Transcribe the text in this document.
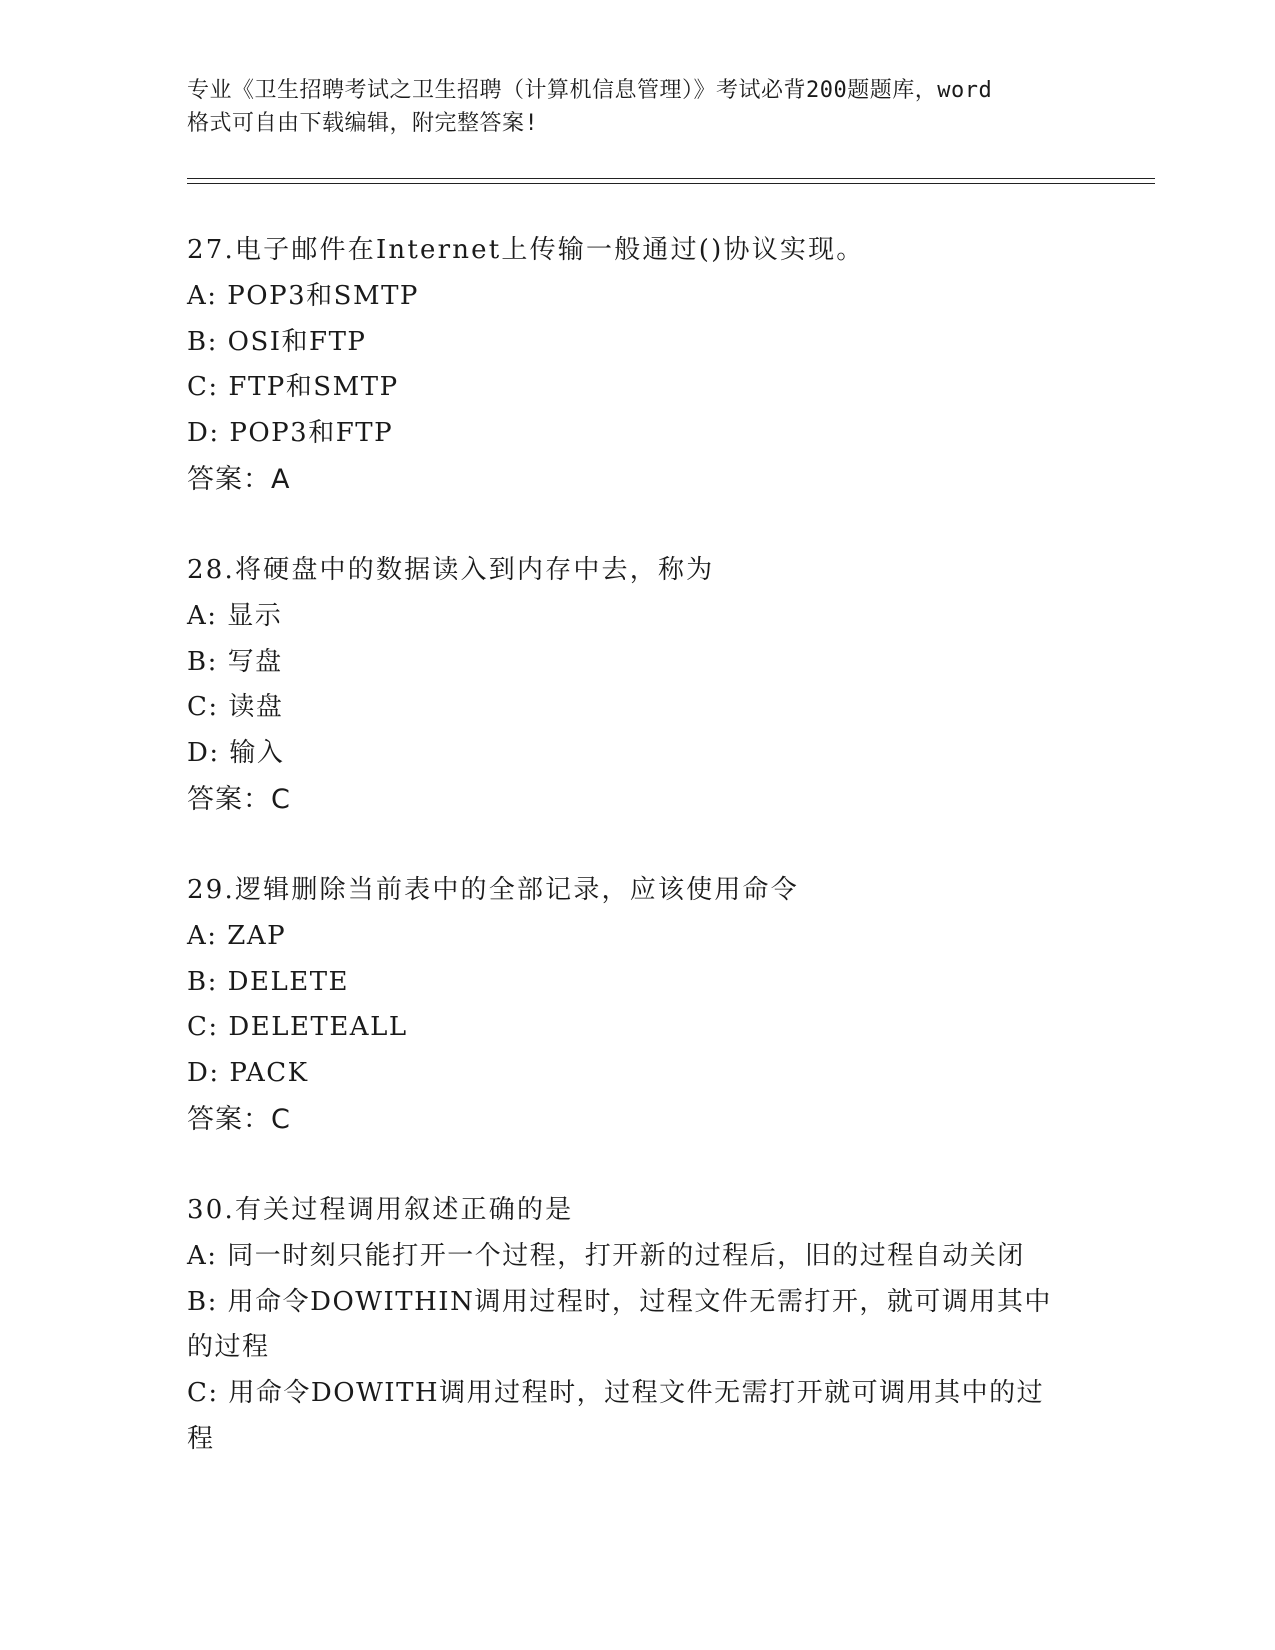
专业《卫生招聘考试之卫生招聘（计算机信息管理）》考试必背200题题库，word
格式可自由下载编辑，附完整答案!
27.电子邮件在Internet上传输一般通过()协议实现。
A: POP3和SMTP
B: OSI和FTP
C: FTP和SMTP
D: POP3和FTP
答案：A
28.将硬盘中的数据读入到内存中去，称为
A: 显示
B: 写盘
C: 读盘
D: 输入
答案：C
29.逻辑删除当前表中的全部记录，应该使用命令
A: ZAP
B: DELETE
C: DELETEALL
D: PACK
答案：C
30.有关过程调用叙述正确的是
A: 同一时刻只能打开一个过程，打开新的过程后，旧的过程自动关闭
B: 用命令DOWITHIN调用过程时，过程文件无需打开，就可调用其中
的过程
C: 用命令DOWITH调用过程时，过程文件无需打开就可调用其中的过
程
